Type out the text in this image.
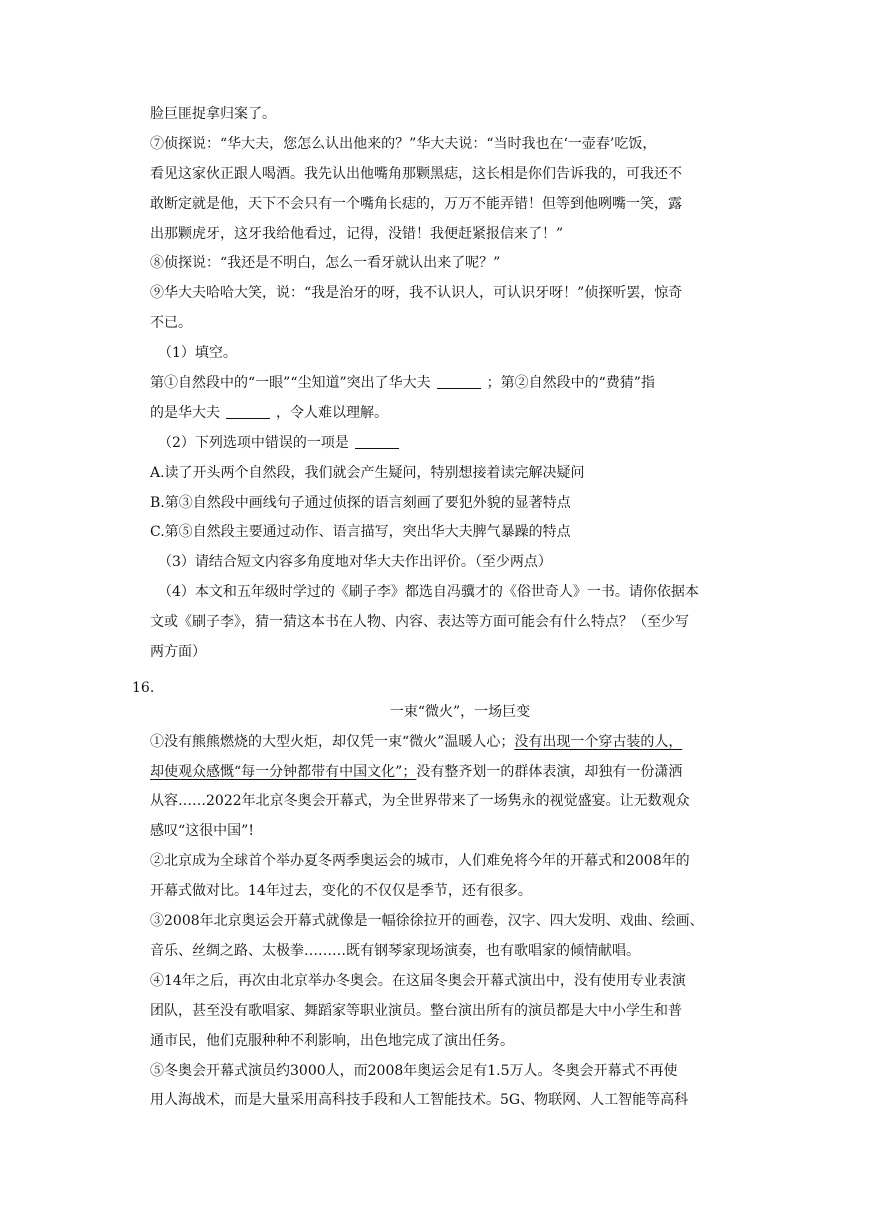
脸巨匪捉拿归案了。
⑦侦探说：“华大夫，您怎么认出他来的？”华大夫说：“当时我也在‘一壶春’吃饭，
看见这家伙正跟人喝酒。我先认出他嘴角那颗黑痣，这长相是你们告诉我的，可我还不
敢断定就是他，天下不会只有一个嘴角长痣的，万万不能弄错！但等到他咧嘴一笑，露
出那颗虎牙，这牙我给他看过，记得，没错！我便赶紧报信来了！”
⑧侦探说：“我还是不明白，怎么一看牙就认出来了呢？”
⑨华大夫哈哈大笑，说：“我是治牙的呀，我不认识人，可认识牙呀！”侦探听罢，惊奇
不已。
（1）填空。
第①自然段中的“一眼”“尘知道”突出了华大夫	；第②自然段中的“费猜”指
的是华大夫	，令人难以理解。
（2）下列选项中错误的一项是
A.读了开头两个自然段，我们就会产生疑问，特别想接着读完解决疑问
B.第③自然段中画线句子通过侦探的语言刻画了要犯外貌的显著特点
C.第⑤自然段主要通过动作、语言描写，突出华大夫脾气暴躁的特点
（3）请结合短文内容多角度地对华大夫作出评价。（至少两点）
（4）本文和五年级时学过的《刷子李》都选自冯骥才的《俗世奇人》一书。请你依据本
文或《刷子李》，猜一猜这本书在人物、内容、表达等方面可能会有什么特点？（至少写
两方面）
一束“微火”，一场巨变
①没有熊熊燃烧的大型火炬，却仅凭一束“微火”温暖人心；没有出现一个穿古装的人，
却使观众感慨“每一分钟都带有中国文化”；没有整齐划一的群体表演，却独有一份潇洒
从容……2022年北京冬奥会开幕式，为全世界带来了一场隽永的视觉盛宴。让无数观众
感叹“这很中国”!
②北京成为全球首个举办夏冬两季奥运会的城市，人们难免将今年的开幕式和2008年的
开幕式做对比。14年过去，变化的不仅仅是季节，还有很多。
③2008年北京奥运会开幕式就像是一幅徐徐拉开的画卷，汉字、四大发明、戏曲、绘画、
音乐、丝绸之路、太极拳………既有钢琴家现场演奏，也有歌唱家的倾情献唱。
④14年之后，再次由北京举办冬奥会。在这届冬奥会开幕式演出中，没有使用专业表演
团队，甚至没有歌唱家、舞蹈家等职业演员。整台演出所有的演员都是大中小学生和普
通市民，他们克服种种不利影响，出色地完成了演出任务。
⑤冬奥会开幕式演员约3000人，而2008年奥运会足有1.5万人。冬奥会开幕式不再使
用人海战术，而是大量采用高科技手段和人工智能技术。5G、物联网、人工智能等高科
16.
